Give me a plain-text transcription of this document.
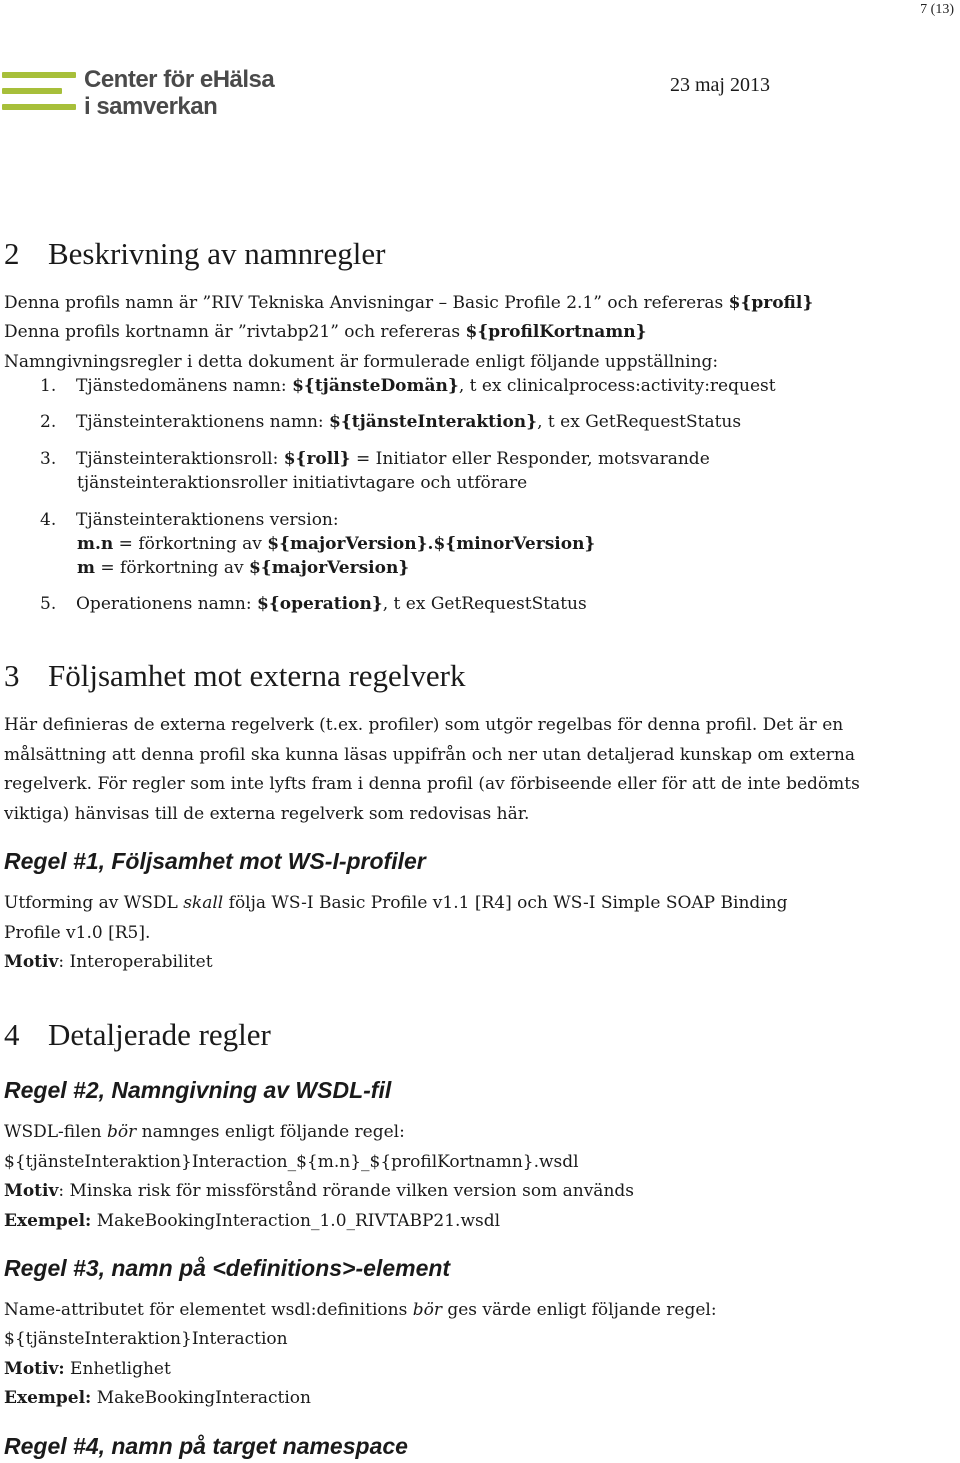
7 (13)
Center för eHälsa
i samverkan
23 maj 2013
2 Beskrivning av namnregler
Denna profils namn är ”RIV Tekniska Anvisningar – Basic Profile 2.1” och refereras ${profil}
Denna profils kortnamn är ”rivtabp21” och refereras ${profilKortnamn}
Namngivningsregler i detta dokument är formulerade enligt följande uppställning:
1. Tjänstedomänens namn: ${tjänsteDomän}, t ex clinicalprocess:activity:request
2. Tjänsteinteraktionens namn: ${tjänsteInteraktion}, t ex GetRequestStatus
3. Tjänsteinteraktionsroll: ${roll} = Initiator eller Responder, motsvarande
tjänsteinteraktionsroller initiativtagare och utförare
4. Tjänsteinteraktionens version:
m.n = förkortning av ${majorVersion}.${minorVersion}
m = förkortning av ${majorVersion}
5. Operationens namn: ${operation}, t ex GetRequestStatus
3 Följsamhet mot externa regelverk
Här definieras de externa regelverk (t.ex. profiler) som utgör regelbas för denna profil. Det är en
målsättning att denna profil ska kunna läsas uppifrån och ner utan detaljerad kunskap om externa
regelverk. För regler som inte lyfts fram i denna profil (av förbiseende eller för att de inte bedömts
viktiga) hänvisas till de externa regelverk som redovisas här.
Regel #1, Följsamhet mot WS-I-profiler
Utforming av WSDL skall följa WS-I Basic Profile v1.1 [R4] och WS-I Simple SOAP Binding
Profile v1.0 [R5].
Motiv: Interoperabilitet
4 Detaljerade regler
Regel #2, Namngivning av WSDL-fil
WSDL-filen bör namnges enligt följande regel:
${tjänsteInteraktion}Interaction_${m.n}_${profilKortnamn}.wsdl
Motiv: Minska risk för missförstånd rörande vilken version som används
Exempel: MakeBookingInteraction_1.0_RIVTABP21.wsdl
Regel #3, namn på <definitions>-element
Name-attributet för elementet wsdl:definitions bör ges värde enligt följande regel:
${tjänsteInteraktion}Interaction
Motiv: Enhetlighet
Exempel: MakeBookingInteraction
Regel #4, namn på target namespace
